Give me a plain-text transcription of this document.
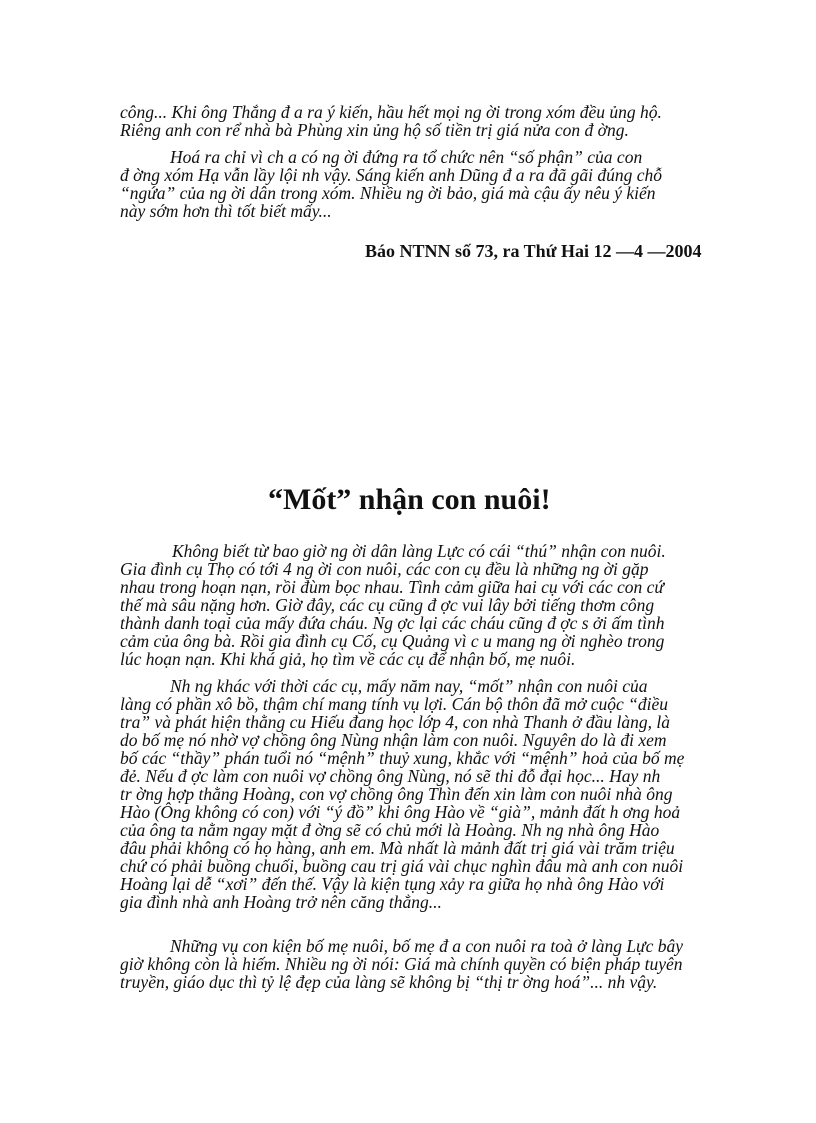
công... Khi ông Thắng đ a ra ý kiến, hầu hết mọi ng ời trong xóm đều ủng hộ.
Riêng anh con rể nhà bà Phùng xin ủng hộ số tiền trị giá nửa con đ ờng.
Hoá ra chỉ vì ch a có ng ời đứng ra tổ chức nên “số phận” của con
đ ờng xóm Hạ vẫn lầy lội nh vậy. Sáng kiến anh Dũng đ a ra đã gãi đúng chỗ
“ngứa” của ng ời dân trong xóm. Nhiều ng ời bảo, giá mà cậu ấy nêu ý kiến
này sớm hơn thì tốt biết mấy...
Báo NTNN số 73, ra Thứ Hai 12 —4 —2004
“Mốt” nhận con nuôi!
Không biết từ bao giờ ng ời dân làng Lực có cái “thú” nhận con nuôi.
Gia đình cụ Thọ có tới 4 ng ời con nuôi, các con cụ đều là những ng ời gặp
nhau trong hoạn nạn, rồi đùm bọc nhau. Tình cảm giữa hai cụ với các con cứ
thế mà sâu nặng hơn. Giờ đây, các cụ cũng đ ợc vui lây bởi tiếng thơm công
thành danh toại của mấy đứa cháu. Ng ợc lại các cháu cũng đ ợc s ởi ấm tình
cảm của ông bà. Rồi gia đình cụ Cố, cụ Quảng vì c u mang ng ời nghèo trong
lúc hoạn nạn. Khi khá giả, họ tìm về các cụ để nhận bố, mẹ nuôi.
Nh ng khác với thời các cụ, mấy năm nay, “mốt” nhận con nuôi của
làng có phần xô bồ, thậm chí mang tính vụ lợi. Cán bộ thôn đã mở cuộc “điều
tra” và phát hiện thằng cu Hiếu đang học lớp 4, con nhà Thanh ở đầu làng, là
do bố mẹ nó nhờ vợ chồng ông Nùng nhận làm con nuôi. Nguyên do là đi xem
bố các “thầy” phán tuổi nó “mệnh” thuỷ xung, khắc với “mệnh” hoả của bố mẹ
đẻ. Nếu đ ợc làm con nuôi vợ chồng ông Nùng, nó sẽ thi đỗ đại học... Hay nh
tr ờng hợp thằng Hoàng, con vợ chồng ông Thìn đến xin làm con nuôi nhà ông
Hào (Ông không có con) với “ý đồ” khi ông Hào về “già”, mảnh đất h ơng hoả
của ông ta nằm ngay mặt đ ờng sẽ có chủ mới là Hoàng. Nh ng nhà ông Hào
đâu phải không có họ hàng, anh em. Mà nhất là mảnh đất trị giá vài trăm triệu
chứ có phải buồng chuối, buồng cau trị giá vài chục nghìn đâu mà anh con nuôi
Hoàng lại dễ “xơi” đến thế. Vậy là kiện tụng xảy ra giữa họ nhà ông Hào với
gia đình nhà anh Hoàng trở nên căng thẳng...
Những vụ con kiện bố mẹ nuôi, bố mẹ đ a con nuôi ra toà ở làng Lực bây
giờ không còn là hiếm. Nhiều ng ời nói: Giá mà chính quyền có biện pháp tuyên
truyền, giáo dục thì tỷ lệ đẹp của làng sẽ không bị “thị tr ờng hoá”... nh vậy.
